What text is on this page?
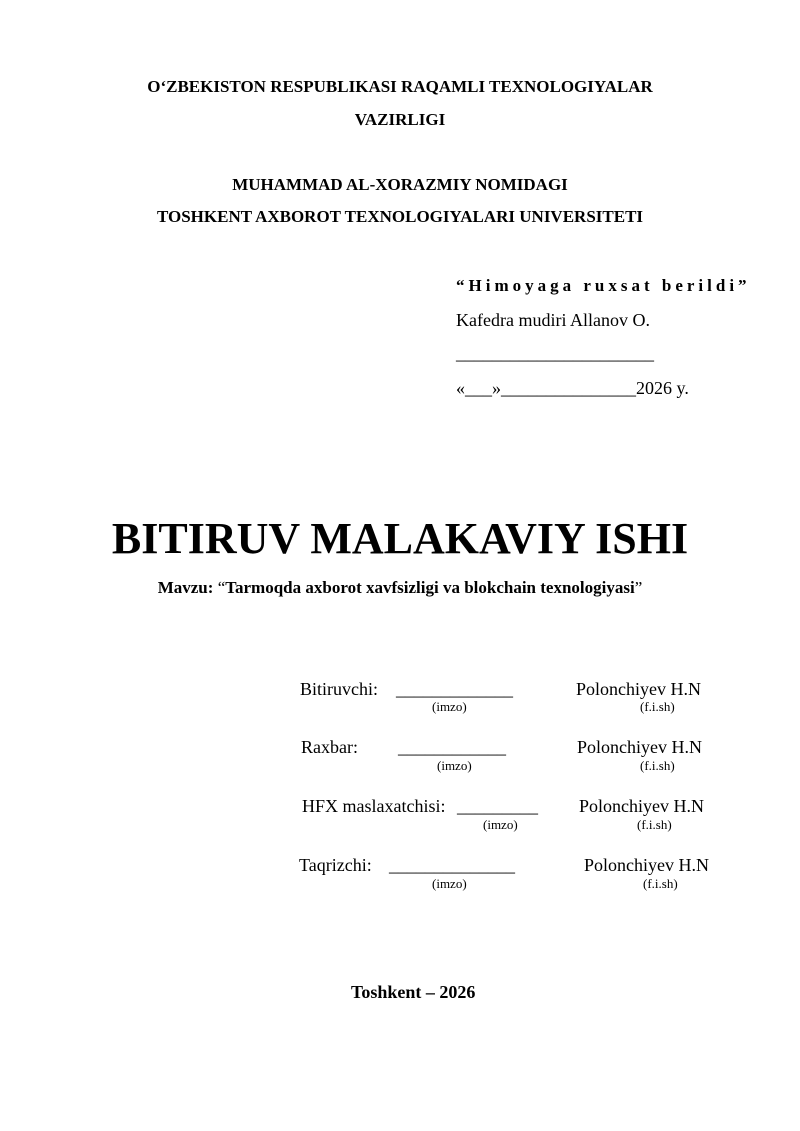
O‘ZBEKISTON RESPUBLIKASI RAQAMLI TEXNOLOGIYALAR
VAZIRLIGI
MUHAMMAD AL-XORAZMIY NOMIDAGI
TOSHKENT AXBOROT TEXNOLOGIYALARI UNIVERSITETI
“Himoyaga ruxsat berildi”
Kafedra mudiri Allanov O.
______________________
«___»_______________2026 y.
BITIRUV MALAKAVIY ISHI
Mavzu: “Tarmoqda axborot xavfsizligi va blokchain texnologiyasi”
Bitiruvchi: _____________	Polonchiyev H.N
(imzo)	(f.i.sh)
Raxbar: ____________	Polonchiyev H.N
(imzo)	(f.i.sh)
HFX maslaxatchisi: _________ Polonchiyev H.N
(imzo)	(f.i.sh)
Taqrizchi: ______________	Polonchiyev H.N
(imzo)	(f.i.sh)
Toshkent – 2026
